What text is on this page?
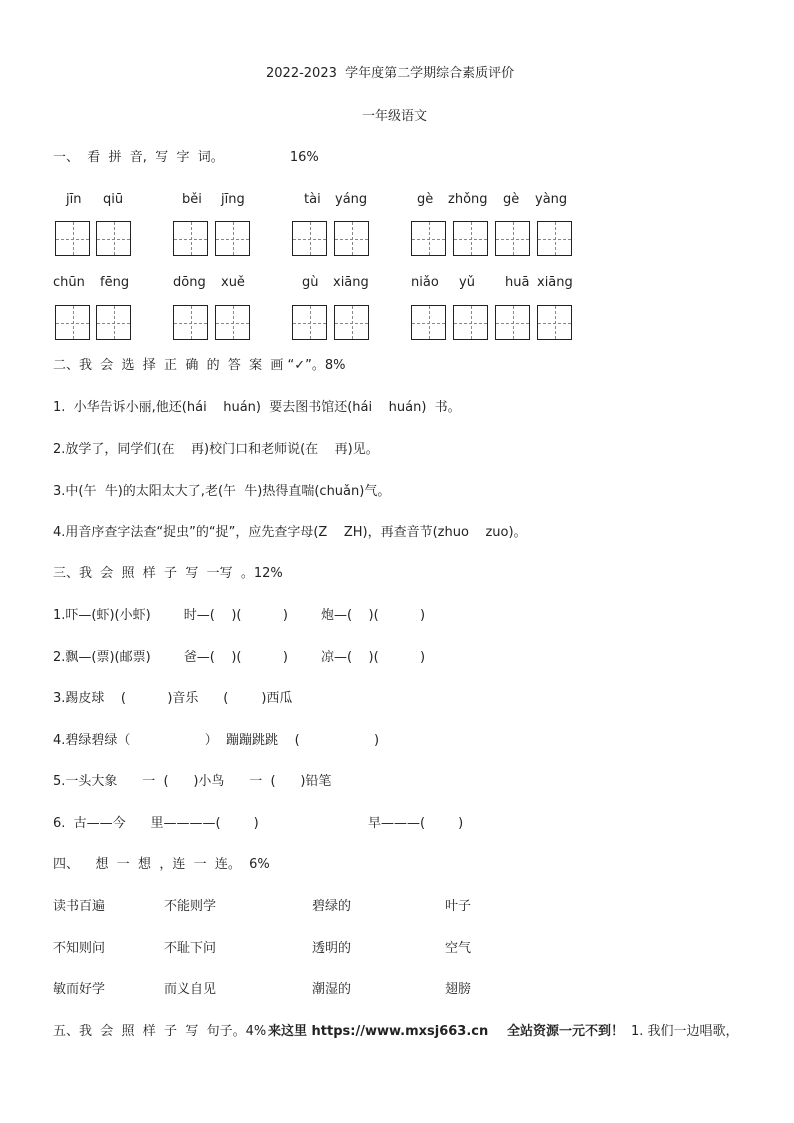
2022-2023  学年度第二学期综合素质评价
一年级语文
一、  看  拼  音,  写  字  词。                16%
jīn qiū	běi jīng	tài yáng	gè zhǒng gè yàng
chūn fēng	dōng xuě	gù xiāng	niǎo yǔ huā xiāng
二、我  会  选  择  正  确  的  答  案  画 “✓”。8%
1.  小华告诉小丽,他还(hái    huán)  要去图书馆还(hái    huán)  书。
2.放学了，同学们(在    再)校门口和老师说(在    再)见。
3.中(午  牛)的太阳太大了,老(午  牛)热得直喘(chuǎn)气。
4.用音序查字法查“捉虫”的“捉”，应先查字母(Z    ZH)，再查音节(zhuo    zuo)。
三、我  会  照  样  子  写  一写  。12%
1.吓—(虾)(小虾)        时—(    )(          )        炮—(    )(          )
2.飘—(票)(邮票)        爸—(    )(          )        凉—(    )(          )
3.踢皮球    (          )音乐      (        )西瓜
4.碧绿碧绿（                  ）  蹦蹦跳跳    (                  )
5.一头大象      一  (      )小鸟      一  (      )铅笔
6.  古——今      里————(        )	早———(        )
四、    想  一  想  ，连  一  连。  6%
读书百遍	不能则学	碧绿的	叶子
不知则问	不耻下问	透明的	空气
敏而好学	而义自见	潮湿的	翅膀
五、我  会  照  样  子  写  句子。4% 来这里 https://www.mxsj663.cn 全站资源一元不到！ 1. 我们一边唱歌，
